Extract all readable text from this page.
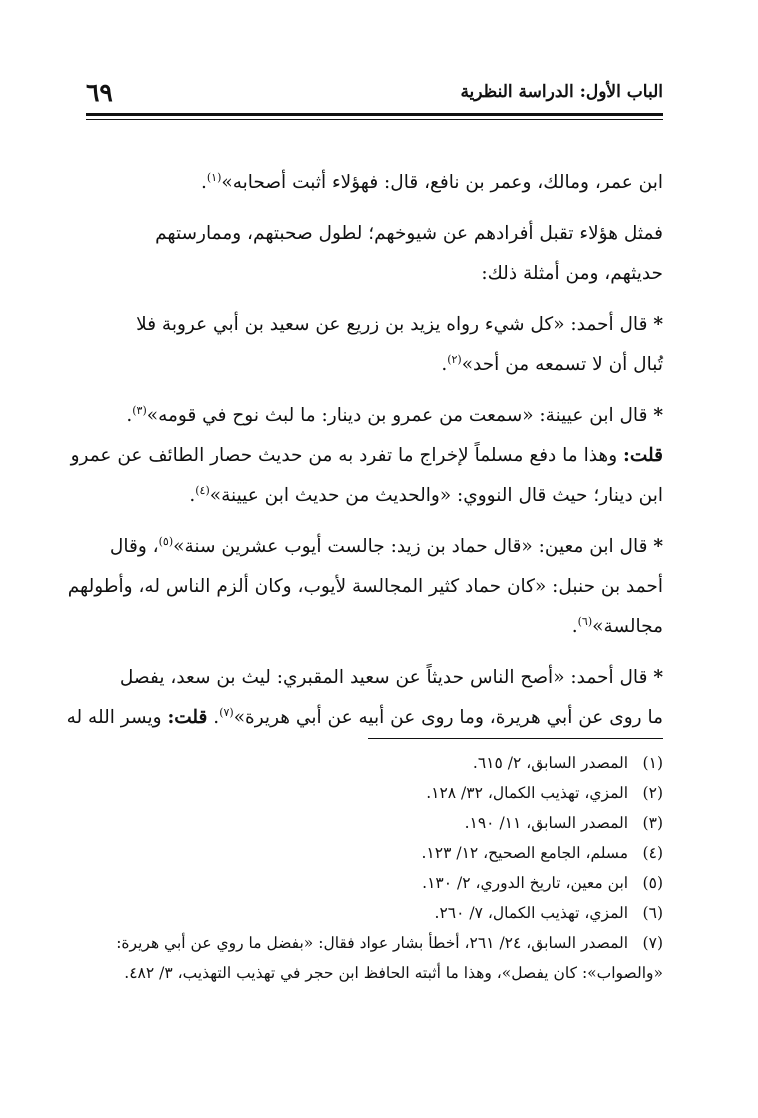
الباب الأول: الدراسة النظرية
٦٩
ابن عمر، ومالك، وعمر بن نافع، قال: فهؤلاء أثبت أصحابه»$^{(١)}$.
فمثل هؤلاء تقبل أفرادهم عن شيوخهم؛ لطول صحبتهم، وممارستهم
حديثهم، ومن أمثلة ذلك:
* قال أحمد: «كل شيء رواه يزيد بن زريع عن سعيد بن أبي عروبة فلا
تُبال أن لا تسمعه من أحد»$^{(٢)}$.
* قال ابن عيينة: «سمعت من عمرو بن دينار: ما لبث نوح في قومه»$^{(٣)}$.
قلت: وهذا ما دفع مسلماً لإخراج ما تفرد به من حديث حصار الطائف عن عمرو
ابن دينار؛ حيث قال النووي: «والحديث من حديث ابن عيينة»$^{(٤)}$.
* قال ابن معين: «قال حماد بن زيد: جالست أيوب عشرين سنة»$^{(٥)}$، وقال
أحمد بن حنبل: «كان حماد كثير المجالسة لأيوب، وكان ألزم الناس له، وأطولهم
مجالسة»$^{(٦)}$.
* قال أحمد: «أصح الناس حديثاً عن سعيد المقبري: ليث بن سعد، يفصل
ما روى عن أبي هريرة، وما روى عن أبيه عن أبي هريرة»$^{(٧)}$. قلت: ويسر الله له
(١) المصدر السابق، ٢/ ٦١٥.
(٢) المزي، تهذيب الكمال، ٣٢/ ١٢٨.
(٣) المصدر السابق، ١١/ ١٩٠.
(٤) مسلم، الجامع الصحيح، ١٢/ ١٢٣.
(٥) ابن معين، تاريخ الدوري، ٢/ ١٣٠.
(٦) المزي، تهذيب الكمال، ٧/ ٢٦٠.
(٧) المصدر السابق، ٢٤/ ٢٦١، أخطأ بشار عواد فقال: «بفضل ما روي عن أبي هريرة:
«والصواب»: كان يفصل»، وهذا ما أثبته الحافظ ابن حجر في تهذيب التهذيب، ٣/ ٤٨٢.
